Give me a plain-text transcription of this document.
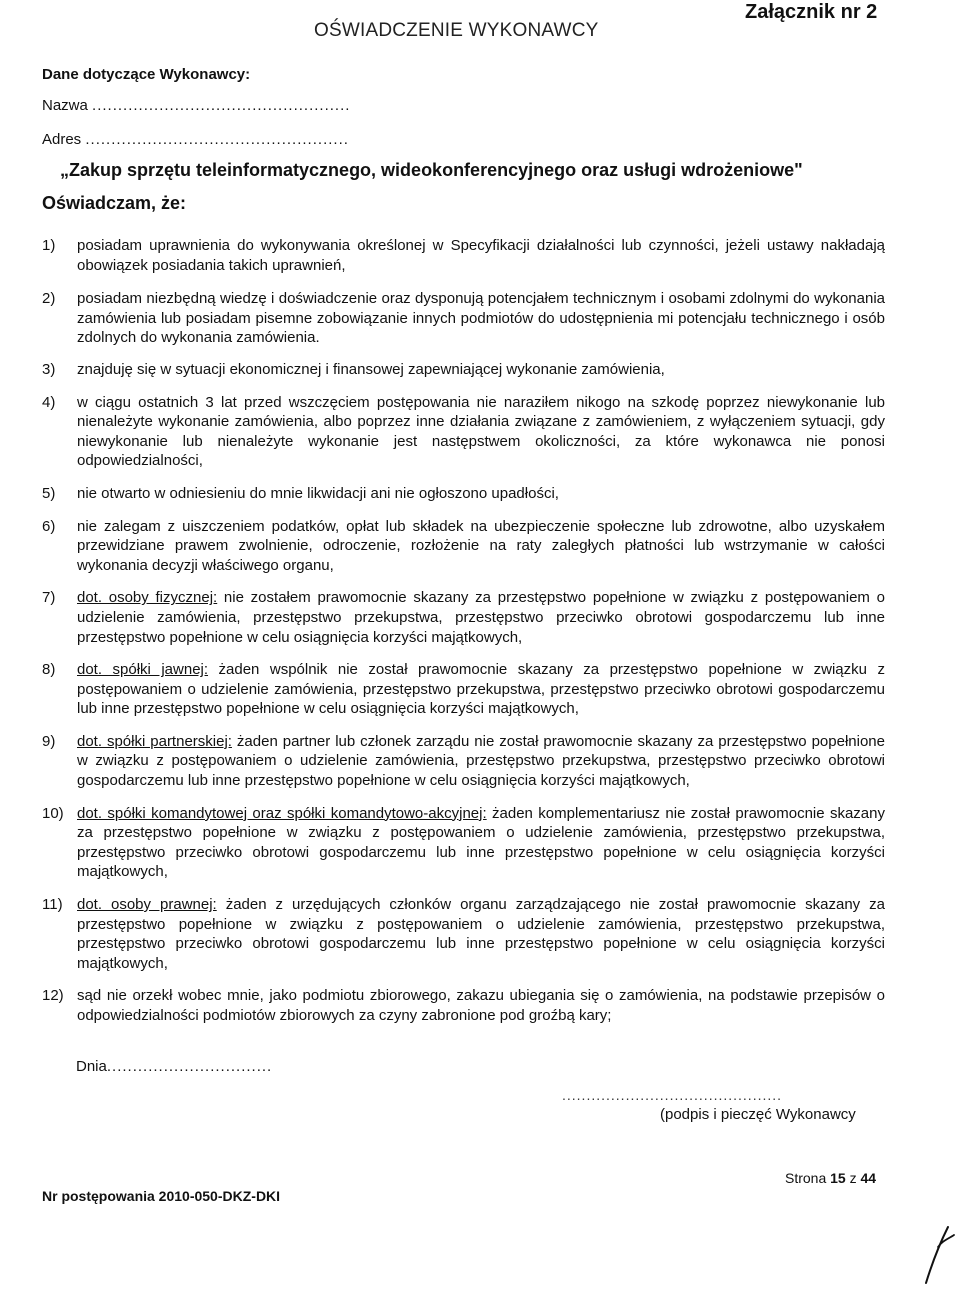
OŚWIADCZENIE WYKONAWCY
Załącznik nr 2
Dane dotyczące Wykonawcy:
Nazwa ..................................................
Adres ...................................................
„Zakup sprzętu teleinformatycznego, wideokonferencyjnego oraz usługi wdrożeniowe"
Oświadczam, że:
1) posiadam uprawnienia do wykonywania określonej w Specyfikacji działalności lub czynności, jeżeli ustawy nakładają obowiązek posiadania takich uprawnień,
2) posiadam niezbędną wiedzę i doświadczenie oraz dysponują potencjałem technicznym i osobami zdolnymi do wykonania zamówienia lub posiadam pisemne zobowiązanie innych podmiotów do udostępnienia mi potencjału technicznego i osób zdolnych do wykonania zamówienia.
3) znajduję się w sytuacji ekonomicznej i finansowej zapewniającej wykonanie zamówienia,
4) w ciągu ostatnich 3 lat przed wszczęciem postępowania nie naraziłem nikogo na szkodę poprzez niewykonanie lub nienależyte wykonanie zamówienia, albo poprzez inne działania związane z zamówieniem, z wyłączeniem sytuacji, gdy niewykonanie lub nienależyte wykonanie jest następstwem okoliczności, za które wykonawca nie ponosi odpowiedzialności,
5) nie otwarto w odniesieniu do mnie likwidacji ani nie ogłoszono upadłości,
6) nie zalegam z uiszczeniem podatków, opłat lub składek na ubezpieczenie społeczne lub zdrowotne, albo uzyskałem przewidziane prawem zwolnienie, odroczenie, rozłożenie na raty zaległych płatności lub wstrzymanie w całości wykonania decyzji właściwego organu,
7) dot. osoby fizycznej: nie zostałem prawomocnie skazany za przestępstwo popełnione w związku z postępowaniem o udzielenie zamówienia, przestępstwo przekupstwa, przestępstwo przeciwko obrotowi gospodarczemu lub inne przestępstwo popełnione w celu osiągnięcia korzyści majątkowych,
8) dot. spółki jawnej: żaden wspólnik nie został prawomocnie skazany za przestępstwo popełnione w związku z postępowaniem o udzielenie zamówienia, przestępstwo przekupstwa, przestępstwo przeciwko obrotowi gospodarczemu lub inne przestępstwo popełnione w celu osiągnięcia korzyści majątkowych,
9) dot. spółki partnerskiej: żaden partner lub członek zarządu nie został prawomocnie skazany za przestępstwo popełnione w związku z postępowaniem o udzielenie zamówienia, przestępstwo przekupstwa, przestępstwo przeciwko obrotowi gospodarczemu lub inne przestępstwo popełnione w celu osiągnięcia korzyści majątkowych,
10) dot. spółki komandytowej oraz spółki komandytowo-akcyjnej: żaden komplementariusz nie został prawomocnie skazany za przestępstwo popełnione w związku z postępowaniem o udzielenie zamówienia, przestępstwo przekupstwa, przestępstwo przeciwko obrotowi gospodarczemu lub inne przestępstwo popełnione w celu osiągnięcia korzyści majątkowych,
11) dot. osoby prawnej: żaden z urzędujących członków organu zarządzającego nie został prawomocnie skazany za przestępstwo popełnione w związku z postępowaniem o udzielenie zamówienia, przestępstwo przekupstwa, przestępstwo przeciwko obrotowi gospodarczemu lub inne przestępstwo popełnione w celu osiągnięcia korzyści majątkowych,
12) sąd nie orzekł wobec mnie, jako podmiotu zbiorowego, zakazu ubiegania się o zamówienia, na podstawie przepisów o odpowiedzialności podmiotów zbiorowych za czyny zabronione pod groźbą kary;
Dnia................................
.............................................
(podpis i pieczęć Wykonawcy
Nr postępowania 2010-050-DKZ-DKI
Strona 15 z 44
